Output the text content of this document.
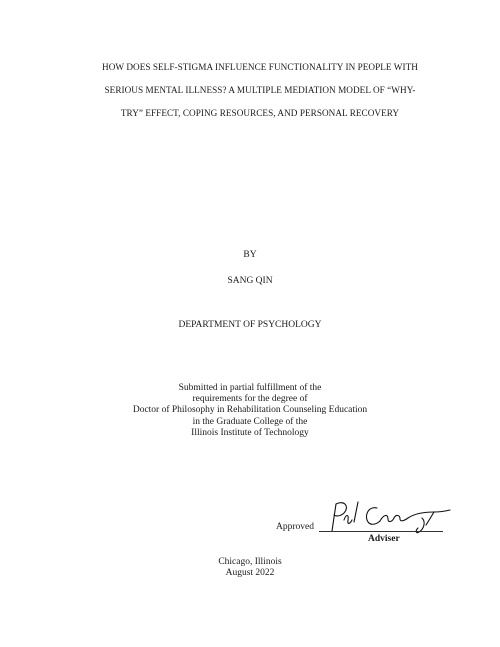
HOW DOES SELF-STIGMA INFLUENCE FUNCTIONALITY IN PEOPLE WITH
SERIOUS MENTAL ILLNESS? A MULTIPLE MEDIATION MODEL OF “WHY-
TRY” EFFECT, COPING RESOURCES, AND PERSONAL RECOVERY
BY
SANG QIN
DEPARTMENT OF PSYCHOLOGY
Submitted in partial fulfillment of the
requirements for the degree of
Doctor of Philosophy in Rehabilitation Counseling Education
in the Graduate College of the
Illinois Institute of Technology
Approved
Adviser
Chicago, Illinois
August 2022
